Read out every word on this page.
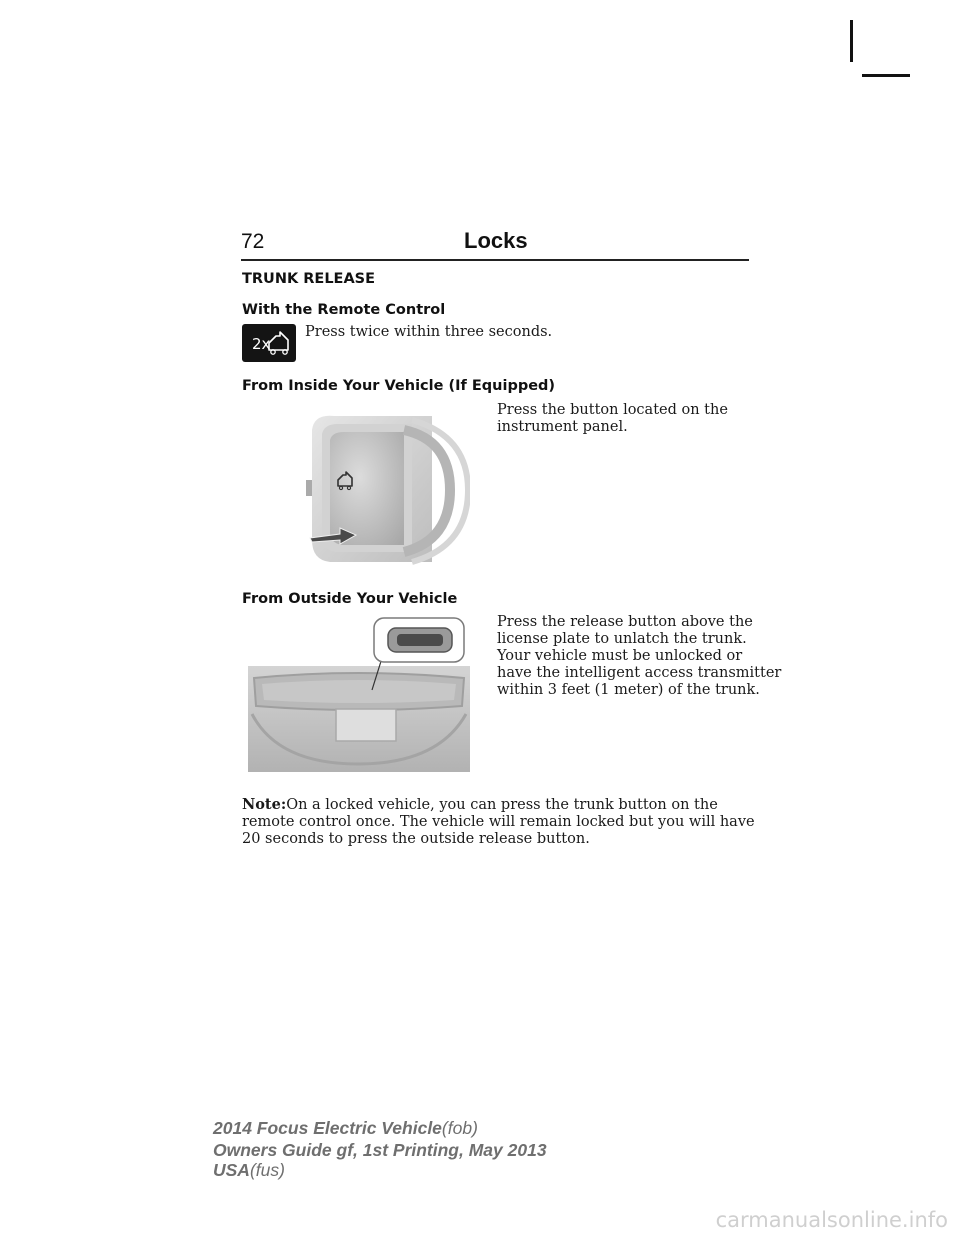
72	Locks
TRUNK RELEASE
With the Remote Control
2x
Press twice within three seconds.
From Inside Your Vehicle (If Equipped)
Press the button located on the
instrument panel.
From Outside Your Vehicle
Press the release button above the
license plate to unlatch the trunk.
Your vehicle must be unlocked or
have the intelligent access transmitter
within 3 feet (1 meter) of the trunk.
Note:On a locked vehicle, you can press the trunk button on the
remote control once. The vehicle will remain locked but you will have
20 seconds to press the outside release button.
2014 Focus Electric Vehicle(fob)
Owners Guide gf, 1st Printing, May 2013
USA(fus)
carmanualsonline.info
